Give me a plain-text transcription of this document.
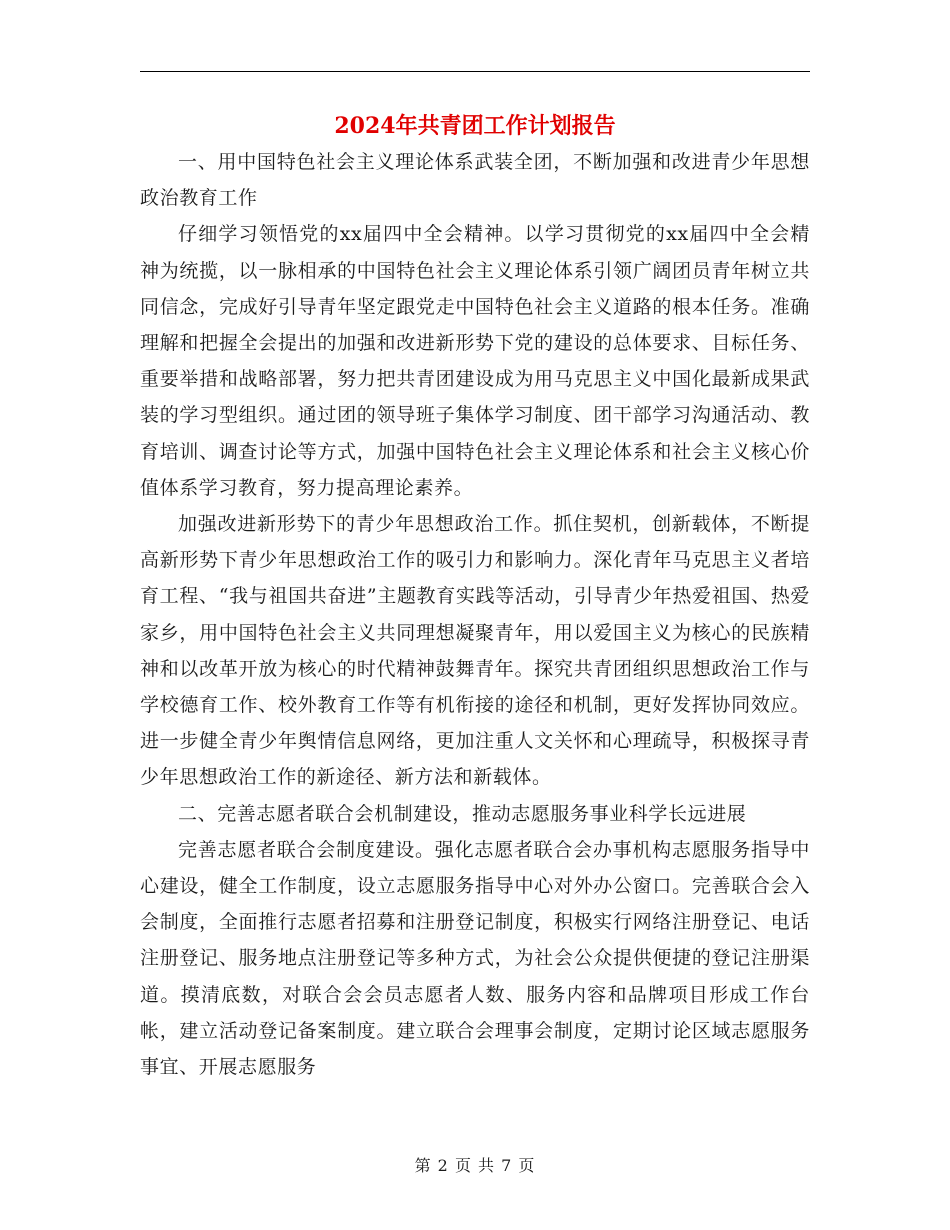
2024年共青团工作计划报告

一、用中国特色社会主义理论体系武装全团，不断加强和改进青少年思想政治教育工作

仔细学习领悟党的xx届四中全会精神。以学习贯彻党的xx届四中全会精神为统揽，以一脉相承的中国特色社会主义理论体系引领广阔团员青年树立共同信念，完成好引导青年坚定跟党走中国特色社会主义道路的根本任务。准确理解和把握全会提出的加强和改进新形势下党的建设的总体要求、目标任务、重要举措和战略部署，努力把共青团建设成为用马克思主义中国化最新成果武装的学习型组织。通过团的领导班子集体学习制度、团干部学习沟通活动、教育培训、调查讨论等方式，加强中国特色社会主义理论体系和社会主义核心价值体系学习教育，努力提高理论素养。

加强改进新形势下的青少年思想政治工作。抓住契机，创新载体，不断提高新形势下青少年思想政治工作的吸引力和影响力。深化青年马克思主义者培育工程、“我与祖国共奋进”主题教育实践等活动，引导青少年热爱祖国、热爱家乡，用中国特色社会主义共同理想凝聚青年，用以爱国主义为核心的民族精神和以改革开放为核心的时代精神鼓舞青年。探究共青团组织思想政治工作与学校德育工作、校外教育工作等有机衔接的途径和机制，更好发挥协同效应。进一步健全青少年舆情信息网络，更加注重人文关怀和心理疏导，积极探寻青少年思想政治工作的新途径、新方法和新载体。

二、完善志愿者联合会机制建设，推动志愿服务事业科学长远进展

完善志愿者联合会制度建设。强化志愿者联合会办事机构志愿服务指导中心建设，健全工作制度，设立志愿服务指导中心对外办公窗口。完善联合会入会制度，全面推行志愿者招募和注册登记制度，积极实行网络注册登记、电话注册登记、服务地点注册登记等多种方式，为社会公众提供便捷的登记注册渠道。摸清底数，对联合会会员志愿者人数、服务内容和品牌项目形成工作台帐，建立活动登记备案制度。建立联合会理事会制度，定期讨论区域志愿服务事宜、开展志愿服务

第 2 页 共 7 页
